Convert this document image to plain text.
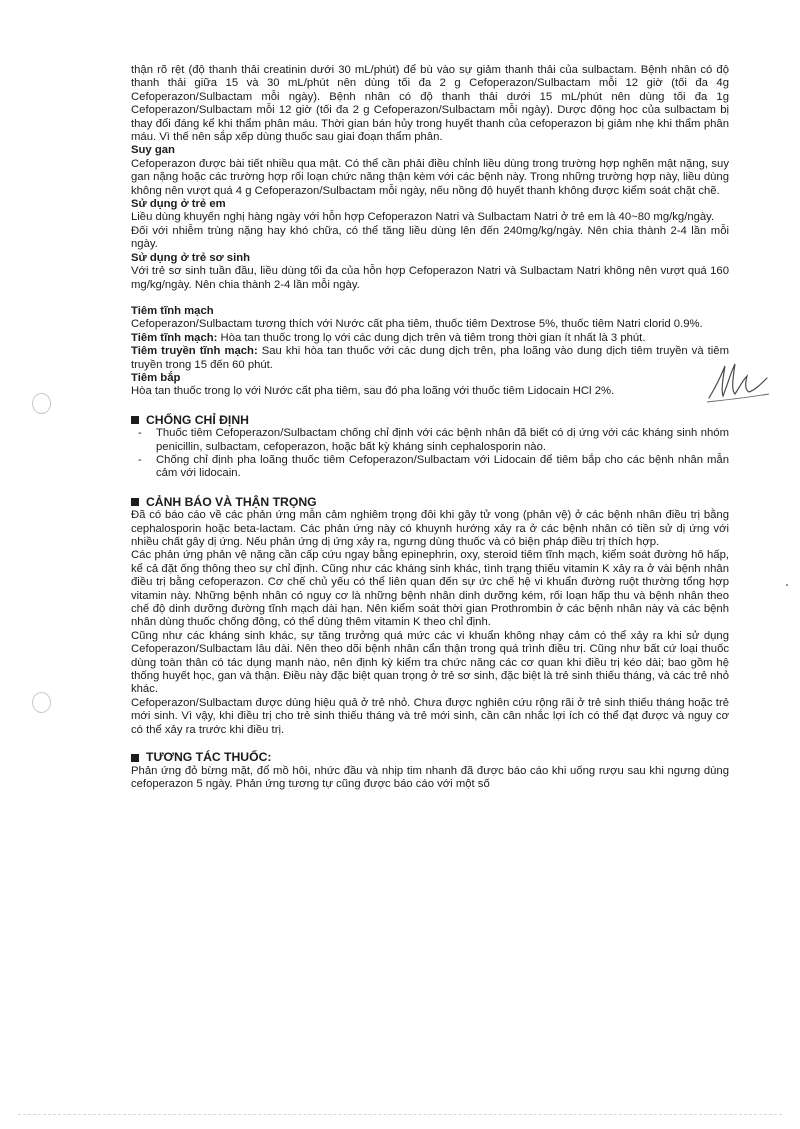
thận rõ rệt (độ thanh thải creatinin dưới 30 mL/phút) để bù vào sự giảm thanh thải của sulbactam. Bệnh nhân có độ thanh thải giữa 15 và 30 mL/phút nên dùng tối đa 2 g Cefoperazon/Sulbactam mỗi 12 giờ (tối đa 4g Cefoperazon/Sulbactam mỗi ngày). Bệnh nhân có độ thanh thải dưới 15 mL/phút nên dùng tối đa 1g Cefoperazon/Sulbactam mỗi 12 giờ (tối đa 2 g Cefoperazon/Sulbactam mỗi ngày). Dược động học của sulbactam bị thay đổi đáng kể khi thẩm phân máu. Thời gian bán hủy trong huyết thanh của cefoperazon bị giảm nhẹ khi thẩm phân máu. Vì thế nên sắp xếp dùng thuốc sau giai đoạn thẩm phân.

Suy gan

Cefoperazon được bài tiết nhiều qua mật. Có thể cần phải điều chỉnh liều dùng trong trường hợp nghẽn mật nặng, suy gan nặng hoặc các trường hợp rối loạn chức năng thận kèm với các bệnh này. Trong những trường hợp này, liều dùng không nên vượt quá 4 g Cefoperazon/Sulbactam mỗi ngày, nếu nồng độ huyết thanh không được kiểm soát chặt chẽ.

Sử dụng ở trẻ em

Liều dùng khuyến nghị hàng ngày với hỗn hợp Cefoperazon Natri và Sulbactam Natri ở trẻ em là 40~80 mg/kg/ngày.

Đối với nhiễm trùng nặng hay khó chữa, có thể tăng liều dùng lên đến 240mg/kg/ngày. Nên chia thành 2-4 lần mỗi ngày.

Sử dụng ở trẻ sơ sinh

Với trẻ sơ sinh tuần đầu, liều dùng tối đa của hỗn hợp Cefoperazon Natri và Sulbactam Natri không nên vượt quá 160 mg/kg/ngày. Nên chia thành 2-4 lần mỗi ngày.

Tiêm tĩnh mạch

Cefoperazon/Sulbactam tương thích với Nước cất pha tiêm, thuốc tiêm Dextrose 5%, thuốc tiêm Natri clorid 0.9%.

Tiêm tĩnh mạch: Hòa tan thuốc trong lọ với các dung dịch trên và tiêm trong thời gian ít nhất là 3 phút.

Tiêm truyền tĩnh mạch: Sau khi hòa tan thuốc với các dung dịch trên, pha loãng vào dung dịch tiêm truyền và tiêm truyền trong 15 đến 60 phút.

Tiêm bắp

Hòa tan thuốc trong lọ với Nước cất pha tiêm, sau đó pha loãng với thuốc tiêm Lidocain HCl 2%.

CHỐNG CHỈ ĐỊNH

- Thuốc tiêm Cefoperazon/Sulbactam chống chỉ định với các bệnh nhân đã biết có dị ứng với các kháng sinh nhóm penicillin, sulbactam, cefoperazon, hoặc bất kỳ kháng sinh cephalosporin nào.
- Chống chỉ định pha loãng thuốc tiêm Cefoperazon/Sulbactam với Lidocain để tiêm bắp cho các bệnh nhân mẫn cảm với lidocain.

CẢNH BÁO VÀ THẬN TRỌNG

Đã có báo cáo về các phản ứng mẫn cảm nghiêm trọng đôi khi gây tử vong (phản vệ) ở các bệnh nhân điều trị bằng cephalosporin hoặc beta-lactam. Các phản ứng này có khuynh hướng xảy ra ở các bệnh nhân có tiền sử dị ứng với nhiều chất gây dị ứng. Nếu phản ứng dị ứng xảy ra, ngưng dùng thuốc và có biện pháp điều trị thích hợp.

Các phản ứng phản vệ nặng cần cấp cứu ngay bằng epinephrin, oxy, steroid tiêm tĩnh mạch, kiểm soát đường hô hấp, kể cả đặt ống thông theo sự chỉ định. Cũng như các kháng sinh khác, tình trạng thiếu vitamin K xảy ra ở vài bệnh nhân điều trị bằng cefoperazon. Cơ chế chủ yếu có thể liên quan đến sự ức chế hệ vi khuẩn đường ruột thường tổng hợp vitamin này. Những bệnh nhân có nguy cơ là những bệnh nhân dinh dưỡng kém, rối loạn hấp thu và bệnh nhân theo chế độ dinh dưỡng đường tĩnh mạch dài hạn. Nên kiểm soát thời gian Prothrombin ở các bệnh nhân này và các bệnh nhân dùng thuốc chống đông, có thể dùng thêm vitamin K theo chỉ định.

Cũng như các kháng sinh khác, sự tăng trưởng quá mức các vi khuẩn không nhạy cảm có thể xảy ra khi sử dụng Cefoperazon/Sulbactam lâu dài. Nên theo dõi bệnh nhân cẩn thận trong quá trình điều trị. Cũng như bất cứ loại thuốc dùng toàn thân có tác dụng mạnh nào, nên định kỳ kiểm tra chức năng các cơ quan khi điều trị kéo dài; bao gồm hệ thống huyết học, gan và thận. Điều này đặc biệt quan trọng ở trẻ sơ sinh, đặc biệt là trẻ sinh thiếu tháng, và các trẻ nhỏ khác.

Cefoperazon/Sulbactam được dùng hiệu quả ở trẻ nhỏ. Chưa được nghiên cứu rộng rãi ở trẻ sinh thiếu tháng hoặc trẻ mới sinh. Vì vậy, khi điều trị cho trẻ sinh thiếu tháng và trẻ mới sinh, cần cân nhắc lợi ích có thể đạt được và nguy cơ có thể xảy ra trước khi điều trị.

TƯƠNG TÁC THUỐC:

Phản ứng đỏ bừng mặt, đổ mồ hôi, nhức đầu và nhịp tim nhanh đã được báo cáo khi uống rượu sau khi ngưng dùng cefoperazon 5 ngày. Phản ứng tương tự cũng được báo cáo với một số
